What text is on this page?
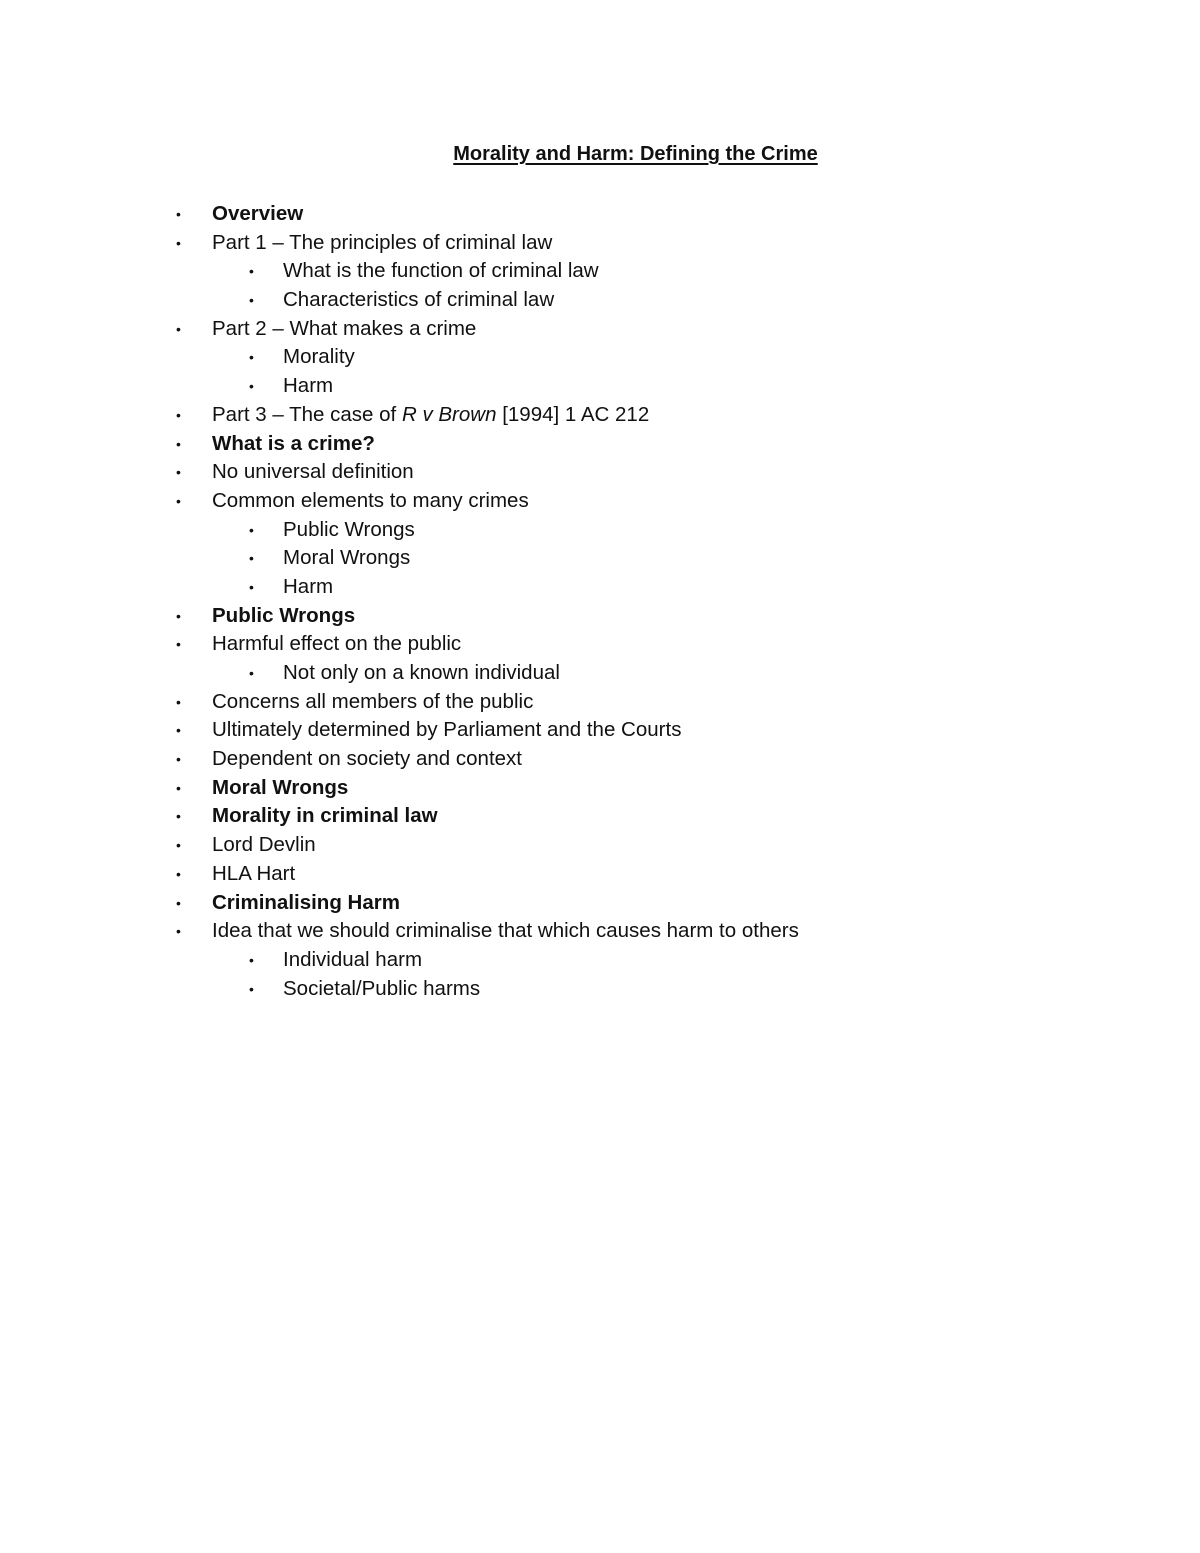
Morality and Harm: Defining the Crime
• Overview
• Part 1 – The principles of criminal law
• What is the function of criminal law
• Characteristics of criminal law
• Part 2 – What makes a crime
• Morality
• Harm
• Part 3 – The case of R v Brown [1994] 1 AC 212
• What is a crime?
• No universal definition
• Common elements to many crimes
• Public Wrongs
• Moral Wrongs
• Harm
• Public Wrongs
• Harmful effect on the public
• Not only on a known individual
• Concerns all members of the public
• Ultimately determined by Parliament and the Courts
• Dependent on society and context
• Moral Wrongs
• Morality in criminal law
• Lord Devlin
• HLA Hart
• Criminalising Harm
• Idea that we should criminalise that which causes harm to others
• Individual harm
• Societal/Public harms
